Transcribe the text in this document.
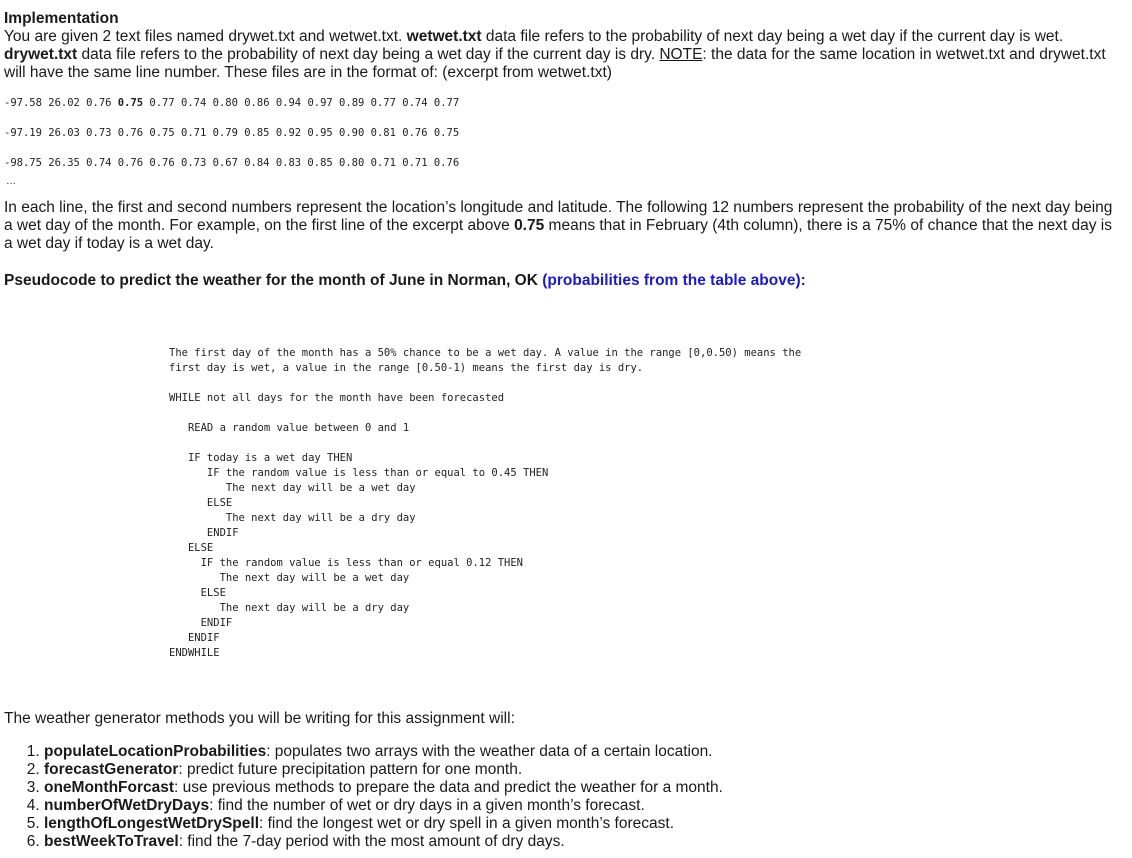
Implementation
You are given 2 text files named drywet.txt and wetwet.txt. wetwet.txt data file refers to the probability of next day being a wet day if the current day is wet. drywet.txt data file refers to the probability of next day being a wet day if the current day is dry. NOTE: the data for the same location in wetwet.txt and drywet.txt will have the same line number. These files are in the format of: (excerpt from wetwet.txt)
-97.58 26.02 0.76 0.75 0.77 0.74 0.80 0.86 0.94 0.97 0.89 0.77 0.74 0.77
-97.19 26.03 0.73 0.76 0.75 0.71 0.79 0.85 0.92 0.95 0.90 0.81 0.76 0.75
-98.75 26.35 0.74 0.76 0.76 0.73 0.67 0.84 0.83 0.85 0.80 0.71 0.71 0.76
…
In each line, the first and second numbers represent the location’s longitude and latitude. The following 12 numbers represent the probability of the next day being a wet day of the month. For example, on the first line of the excerpt above 0.75 means that in February (4th column), there is a 75% of chance that the next day is a wet day if today is a wet day.
Pseudocode to predict the weather for the month of June in Norman, OK (probabilities from the table above):
The first day of the month has a 50% chance to be a wet day. A value in the range [0,0.50) means the
first day is wet, a value in the range [0.50-1) means the first day is dry.

WHILE not all days for the month have been forecasted

READ a random value between 0 and 1

IF today is a wet day THEN
IF the random value is less than or equal to 0.45 THEN
The next day will be a wet day
ELSE
The next day will be a dry day
ENDIF
ELSE
IF the random value is less than or equal 0.12 THEN
The next day will be a wet day
ELSE
The next day will be a dry day
ENDIF
ENDIF
ENDWHILE
The weather generator methods you will be writing for this assignment will:
1. populateLocationProbabilities: populates two arrays with the weather data of a certain location.
2. forecastGenerator: predict future precipitation pattern for one month.
3. oneMonthForcast: use previous methods to prepare the data and predict the weather for a month.
4. numberOfWetDryDays: find the number of wet or dry days in a given month’s forecast.
5. lengthOfLongestWetDrySpell: find the longest wet or dry spell in a given month’s forecast.
6. bestWeekToTravel: find the 7-day period with the most amount of dry days.
